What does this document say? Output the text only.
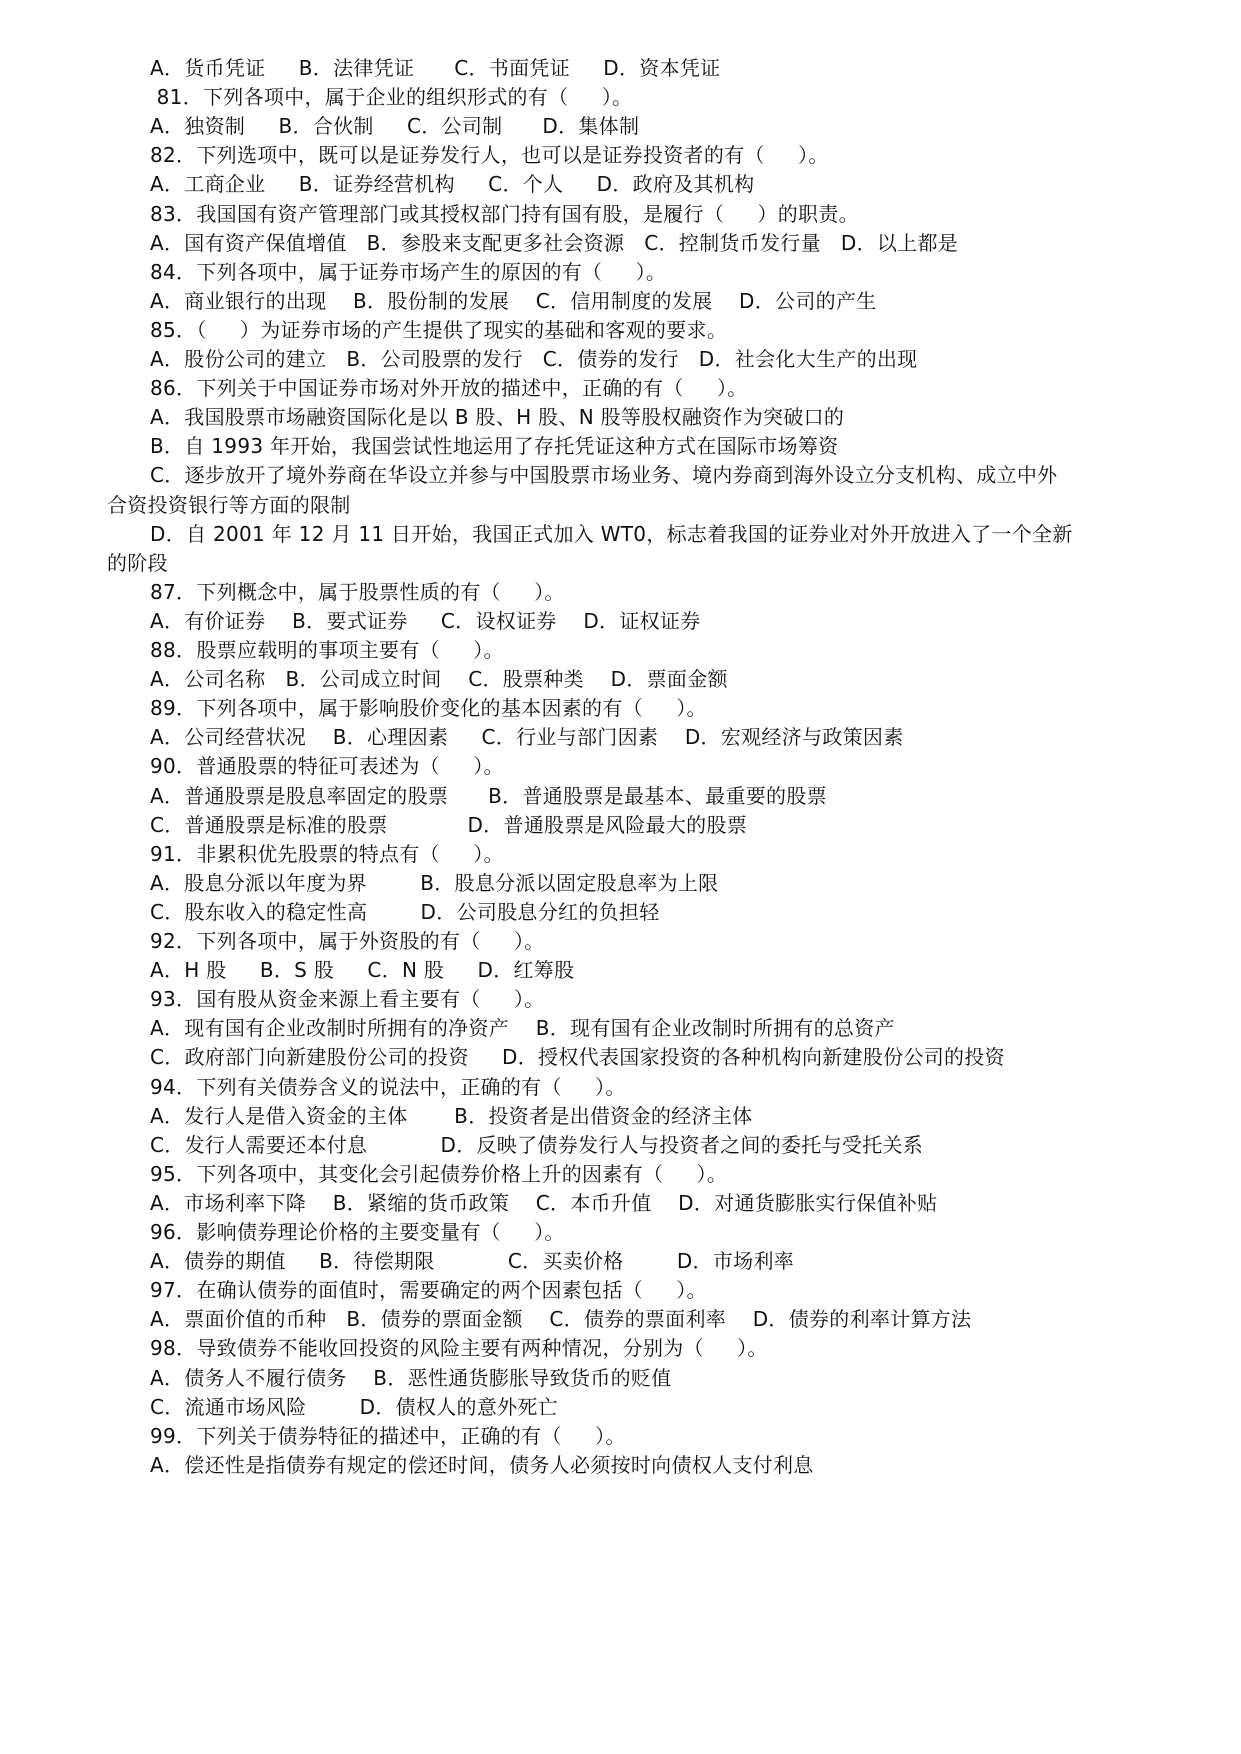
A．货币凭证     B．法律凭证      C．书面凭证     D．资本凭证
81．下列各项中，属于企业的组织形式的有（     ）。
A．独资制     B．合伙制     C．公司制      D．集体制
82．下列选项中，既可以是证券发行人，也可以是证券投资者的有（     ）。
A．工商企业     B．证券经营机构     C．个人     D．政府及其机构
83．我国国有资产管理部门或其授权部门持有国有股，是履行（     ）的职责。
A．国有资产保值增值   B．参股来支配更多社会资源   C．控制货币发行量   D．以上都是
84．下列各项中，属于证券市场产生的原因的有（     ）。
A．商业银行的出现    B．股份制的发展    C．信用制度的发展    D．公司的产生
85．（     ）为证券市场的产生提供了现实的基础和客观的要求。
A．股份公司的建立   B．公司股票的发行   C．债券的发行   D．社会化大生产的出现
86．下列关于中国证券市场对外开放的描述中，正确的有（     ）。
A．我国股票市场融资国际化是以 B 股、H 股、N 股等股权融资作为突破口的
B．自 1993 年开始，我国尝试性地运用了存托凭证这种方式在国际市场筹资
C．逐步放开了境外券商在华设立并参与中国股票市场业务、境内券商到海外设立分支机构、成立中外
合资投资银行等方面的限制
D．自 2001 年 12 月 11 日开始，我国正式加入 WT0，标志着我国的证券业对外开放进入了一个全新
的阶段
87．下列概念中，属于股票性质的有（     ）。
A．有价证券    B．要式证券     C．设权证券    D．证权证券
88．股票应载明的事项主要有（     ）。
A．公司名称   B．公司成立时间    C．股票种类    D．票面金额
89．下列各项中，属于影响股价变化的基本因素的有（     ）。
A．公司经营状况    B．心理因素     C．行业与部门因素    D．宏观经济与政策因素
90．普通股票的特征可表述为（     ）。
A．普通股票是股息率固定的股票      B．普通股票是最基本、最重要的股票
C．普通股票是标准的股票            D．普通股票是风险最大的股票
91．非累积优先股票的特点有（     ）。
A．股息分派以年度为界        B．股息分派以固定股息率为上限
C．股东收入的稳定性高        D．公司股息分红的负担轻
92．下列各项中，属于外资股的有（     ）。
A．H 股     B．S 股     C．N 股     D．红筹股
93．国有股从资金来源上看主要有（     ）。
A．现有国有企业改制时所拥有的净资产    B．现有国有企业改制时所拥有的总资产
C．政府部门向新建股份公司的投资     D．授权代表国家投资的各种机构向新建股份公司的投资
94．下列有关债券含义的说法中，正确的有（     ）。
A．发行人是借入资金的主体       B．投资者是出借资金的经济主体
C．发行人需要还本付息           D．反映了债券发行人与投资者之间的委托与受托关系
95．下列各项中，其变化会引起债券价格上升的因素有（     ）。
A．市场利率下降    B．紧缩的货币政策    C．本币升值    D．对通货膨胀实行保值补贴
96．影响债券理论价格的主要变量有（     ）。
A．债券的期值     B．待偿期限           C．买卖价格        D．市场利率
97．在确认债券的面值时，需要确定的两个因素包括（     ）。
A．票面价值的币种   B．债券的票面金额    C．债券的票面利率    D．债券的利率计算方法
98．导致债券不能收回投资的风险主要有两种情况，分别为（     ）。
A．债务人不履行债务    B．恶性通货膨胀导致货币的贬值
C．流通市场风险        D．债权人的意外死亡
99．下列关于债券特征的描述中，正确的有（     ）。
A．偿还性是指债券有规定的偿还时间，债务人必须按时向债权人支付利息
